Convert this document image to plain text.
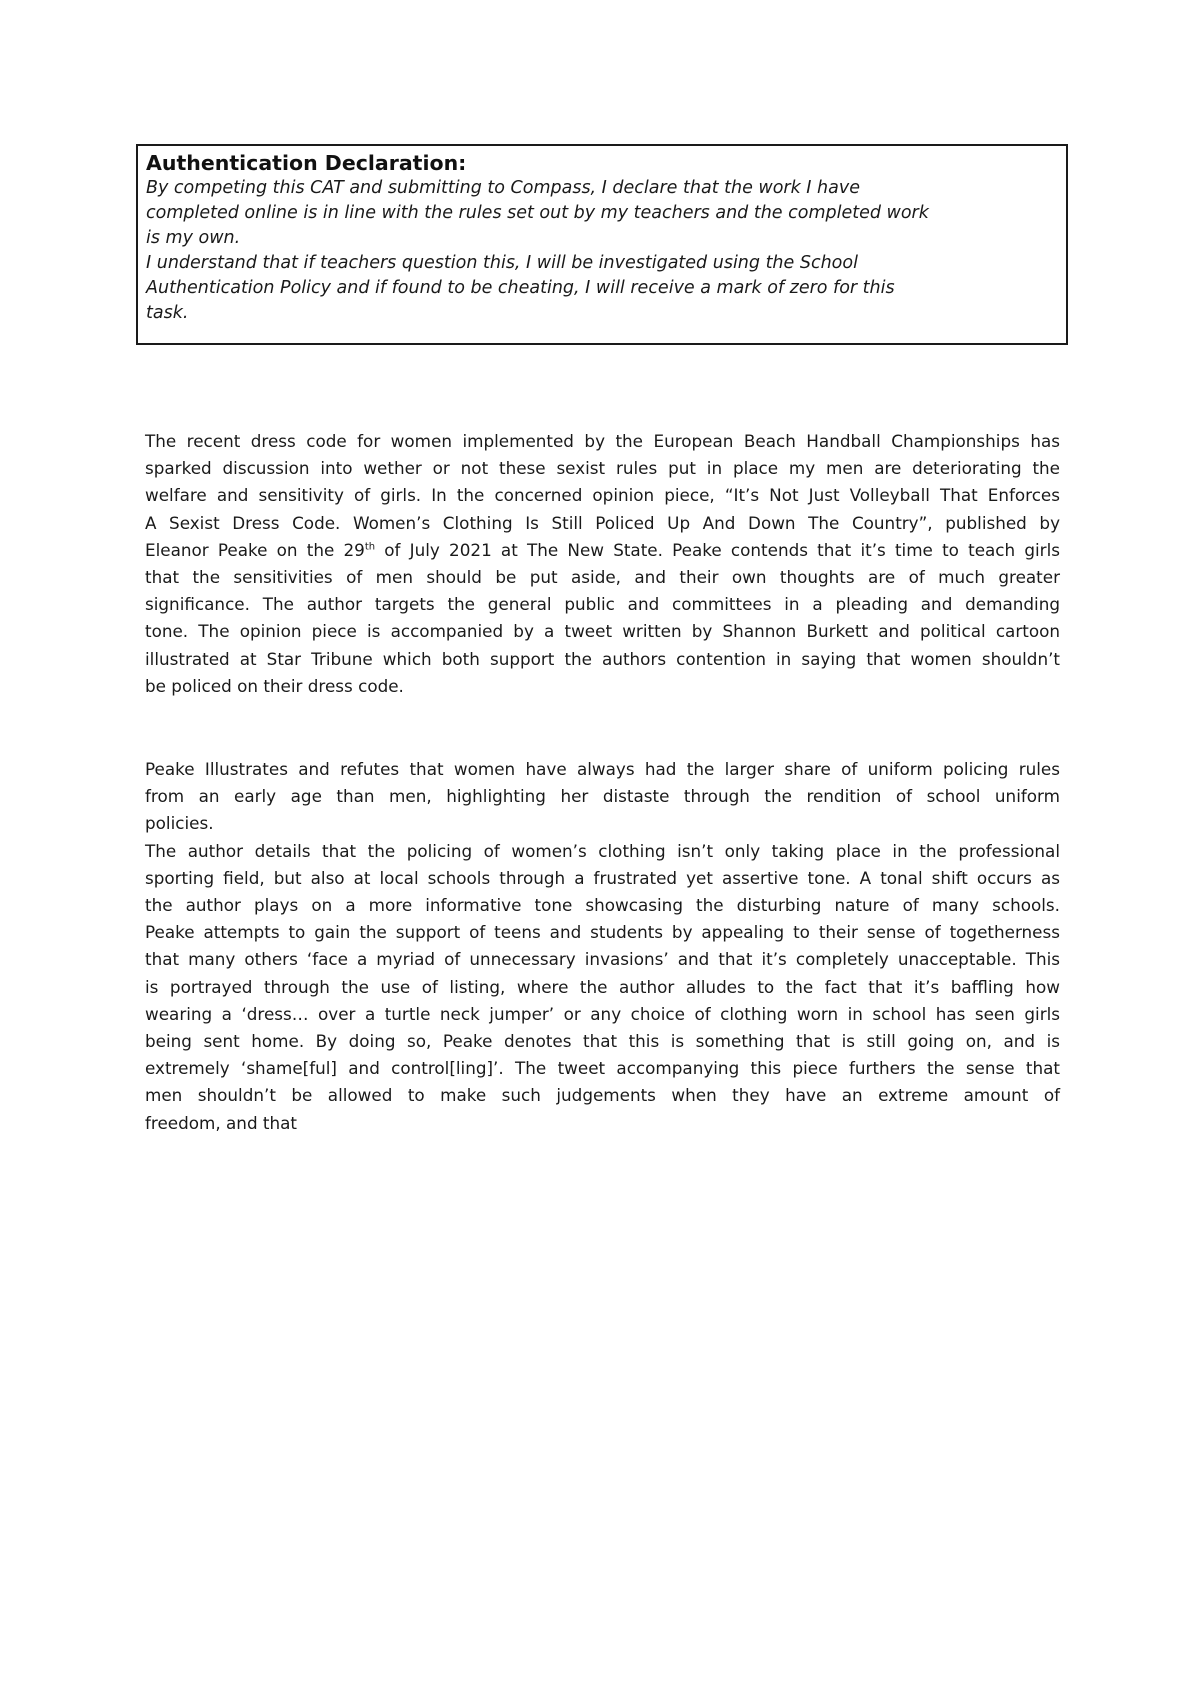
Authentication Declaration:

By competing this CAT and submitting to Compass, I declare that the work I have

completed online is in line with the rules set out by my teachers and the completed work

is my own.

I understand that if teachers question this, I will be investigated using the School

Authentication Policy and if found to be cheating, I will receive a mark of zero for this

task.

The recent dress code for women implemented by the European Beach Handball Championships has
sparked discussion into wether or not these sexist rules put in place my men are deteriorating the
welfare and sensitivity of girls. In the concerned opinion piece, “It’s Not Just Volleyball That Enforces
A Sexist Dress Code. Women’s Clothing Is Still Policed Up And Down The Country”, published by
Eleanor Peake on the 29th of July 2021 at The New State. Peake contends that it’s time to teach girls
that the sensitivities of men should be put aside, and their own thoughts are of much greater
significance. The author targets the general public and committees in a pleading and demanding
tone. The opinion piece is accompanied by a tweet written by Shannon Burkett and political cartoon
illustrated at Star Tribune which both support the authors contention in saying that women shouldn’t
be policed on their dress code.
Peake Illustrates and refutes that women have always had the larger share of uniform policing rules
from an early age than men, highlighting her distaste through the rendition of school uniform
policies.
The author details that the policing of women’s clothing isn’t only taking place in the professional
sporting field, but also at local schools through a frustrated yet assertive tone. A tonal shift occurs as
the author plays on a more informative tone showcasing the disturbing nature of many schools.
Peake attempts to gain the support of teens and students by appealing to their sense of togetherness
that many others ‘face a myriad of unnecessary invasions’ and that it’s completely unacceptable. This
is portrayed through the use of listing, where the author alludes to the fact that it’s baffling how
wearing a ‘dress… over a turtle neck jumper’ or any choice of clothing worn in school has seen girls
being sent home. By doing so, Peake denotes that this is something that is still going on, and is
extremely ‘shame[ful] and control[ling]’. The tweet accompanying this piece furthers the sense that
men shouldn’t be allowed to make such judgements when they have an extreme amount of
freedom, and that
